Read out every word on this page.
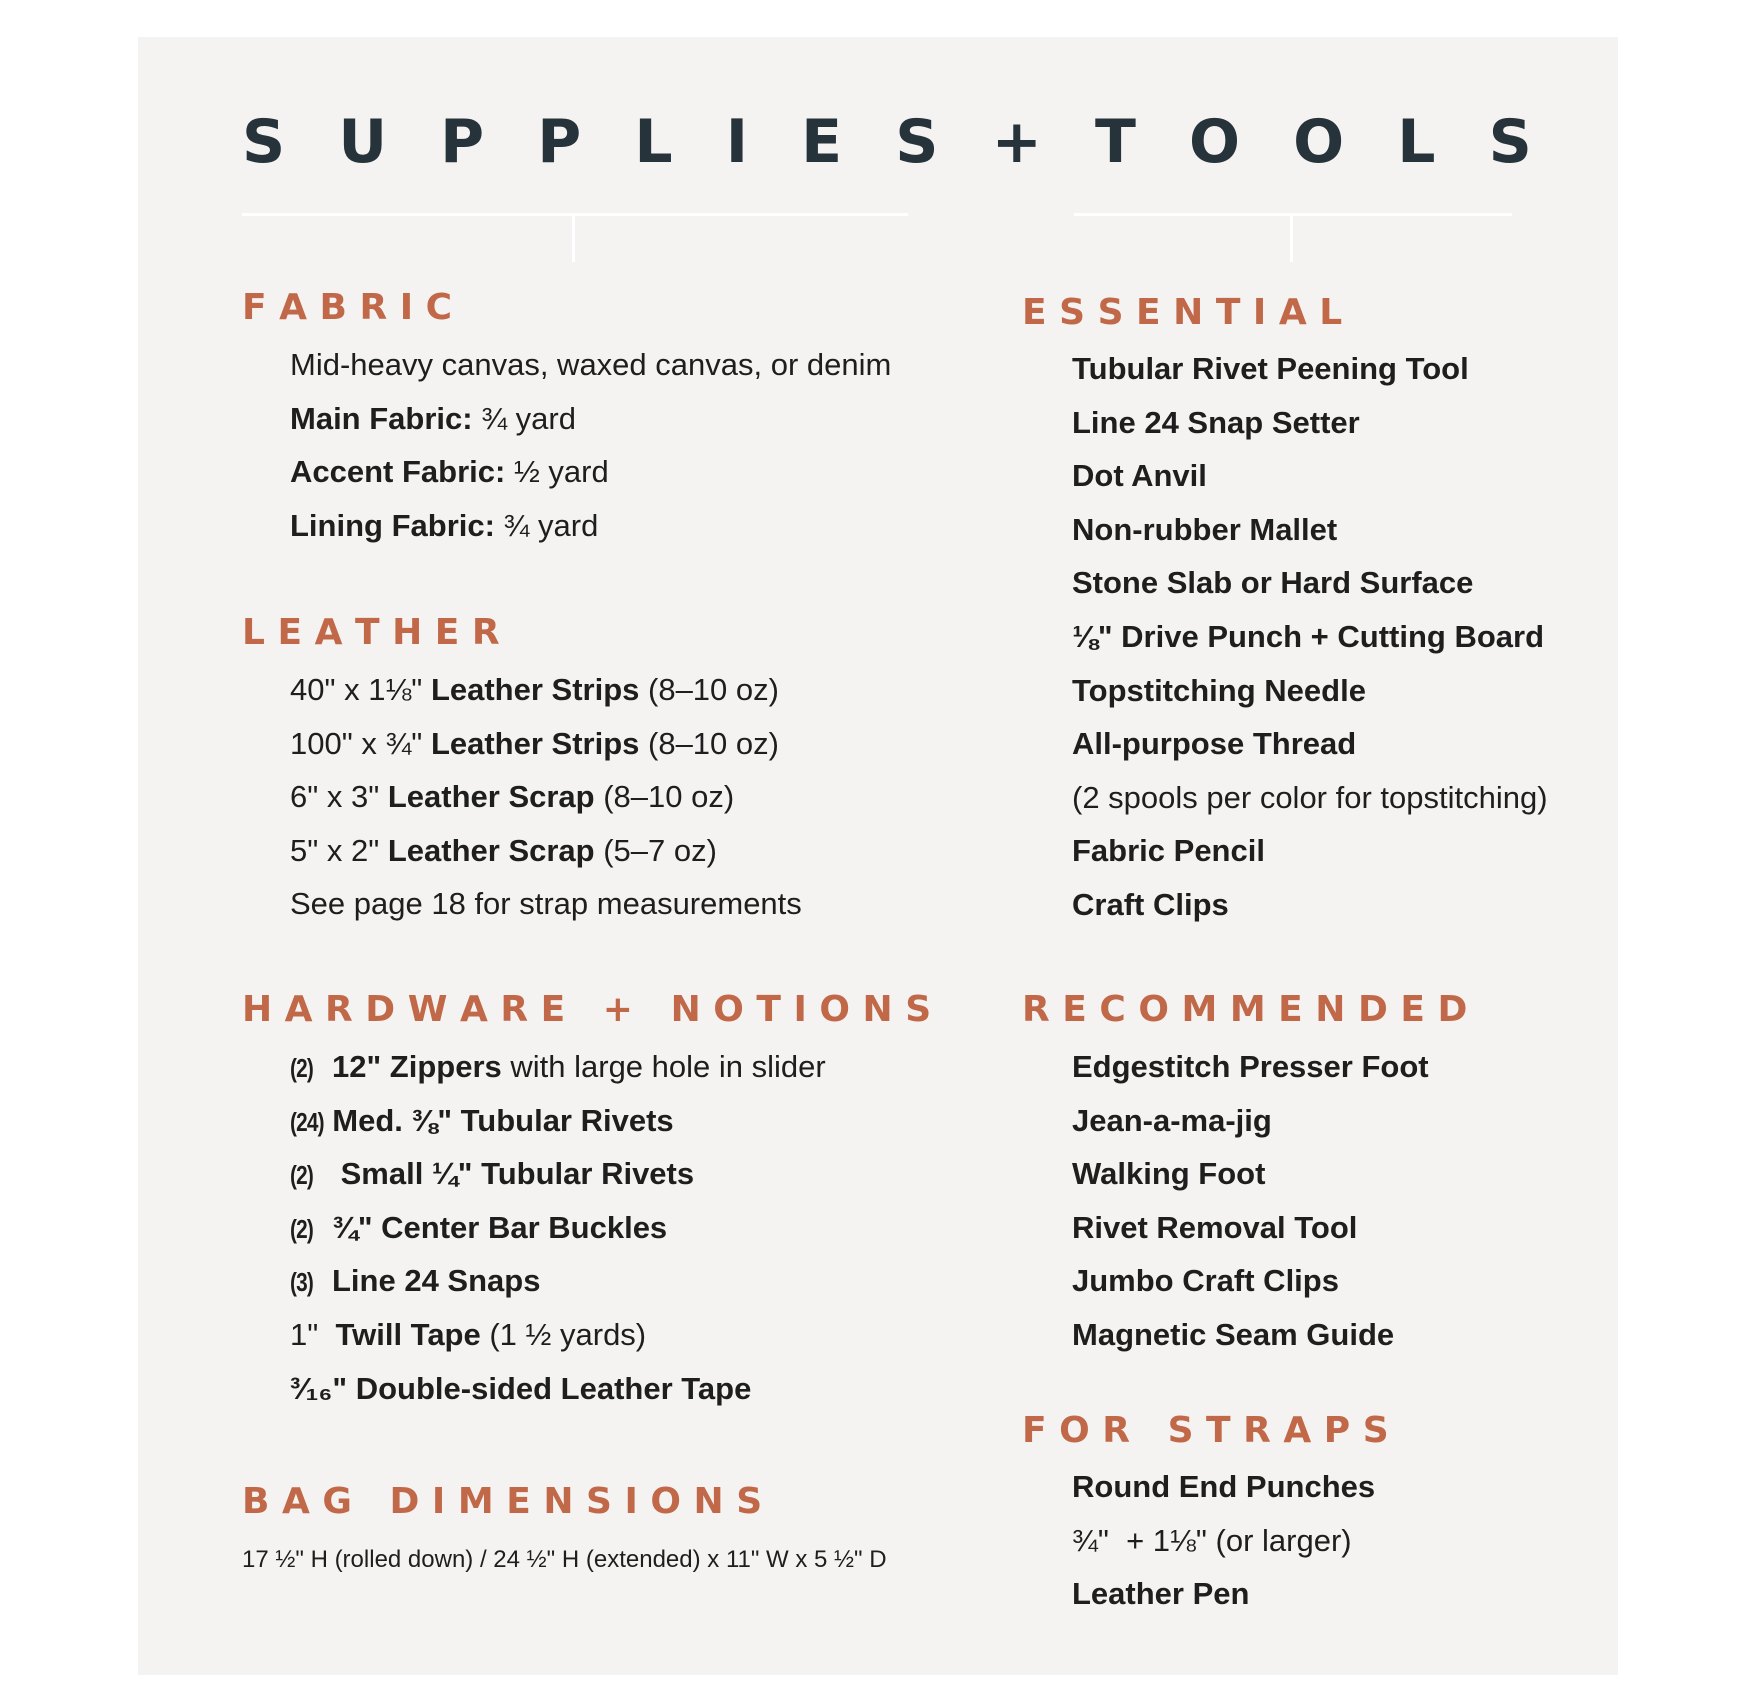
S U P P L I E S + T O O L S
F A B R I C
Mid-heavy canvas, waxed canvas, or denim
Main Fabric: ¾ yard
Accent Fabric: ½ yard
Lining Fabric: ¾ yard
L E A T H E R
40" x 1⅛" Leather Strips (8–10 oz)
100" x ¾" Leather Strips (8–10 oz)
6" x 3" Leather Scrap (8–10 oz)
5" x 2" Leather Scrap (5–7 oz)
See page 18 for strap measurements
H A R D W A R E   +   N O T I O N S
(2) 12" Zippers with large hole in slider
(24) Med. ⅜" Tubular Rivets
(2) Small ¼" Tubular Rivets
(2) ¾" Center Bar Buckles
(3) Line 24 Snaps
1"  Twill Tape (1 ½ yards)
³⁄₁₆" Double-sided Leather Tape
B A G   D I M E N S I O N S

17 ½" H (rolled down) / 24 ½" H (extended) x 11" W x 5 ½" D

E S S E N T I A L
Tubular Rivet Peening Tool
Line 24 Snap Setter
Dot Anvil
Non-rubber Mallet
Stone Slab or Hard Surface
⅛" Drive Punch + Cutting Board
Topstitching Needle
All-purpose Thread
(2 spools per color for topstitching)
Fabric Pencil
Craft Clips
R E C O M M E N D E D
Edgestitch Presser Foot
Jean-a-ma-jig
Walking Foot
Rivet Removal Tool
Jumbo Craft Clips
Magnetic Seam Guide
F O R   S T R A P S
Round End Punches
¾"  + 1⅛" (or larger)
Leather Pen
